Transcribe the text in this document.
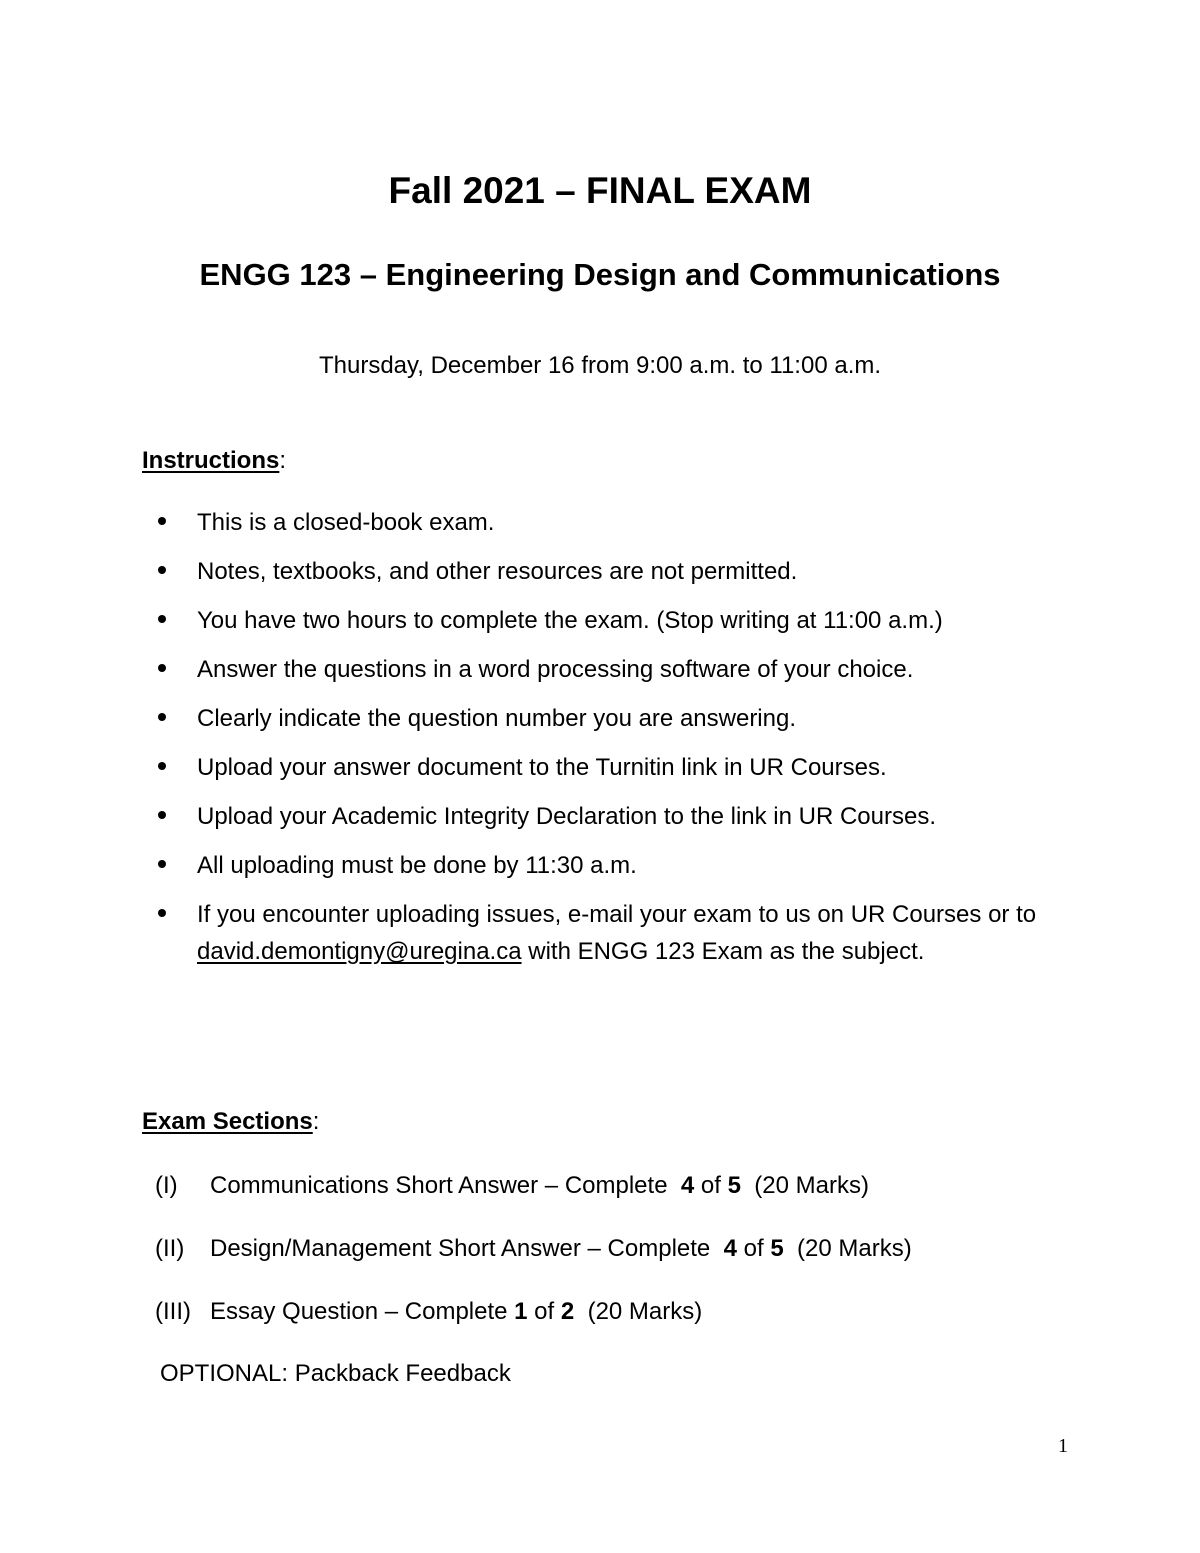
Fall 2021 – FINAL EXAM
ENGG 123 – Engineering Design and Communications

Thursday, December 16 from 9:00 a.m. to 11:00 a.m.

Instructions:

This is a closed-book exam.
Notes, textbooks, and other resources are not permitted.
You have two hours to complete the exam. (Stop writing at 11:00 a.m.)
Answer the questions in a word processing software of your choice.
Clearly indicate the question number you are answering.
Upload your answer document to the Turnitin link in UR Courses.
Upload your Academic Integrity Declaration to the link in UR Courses.
All uploading must be done by 11:30 a.m.
If you encounter uploading issues, e-mail your exam to us on UR Courses or to david.demontigny@uregina.ca with ENGG 123 Exam as the subject.

Exam Sections:

(I) Communications Short Answer – Complete  4 of 5  (20 Marks)

(II) Design/Management Short Answer – Complete  4 of 5  (20 Marks)

(III) Essay Question – Complete 1 of 2  (20 Marks)

OPTIONAL: Packback Feedback

1
